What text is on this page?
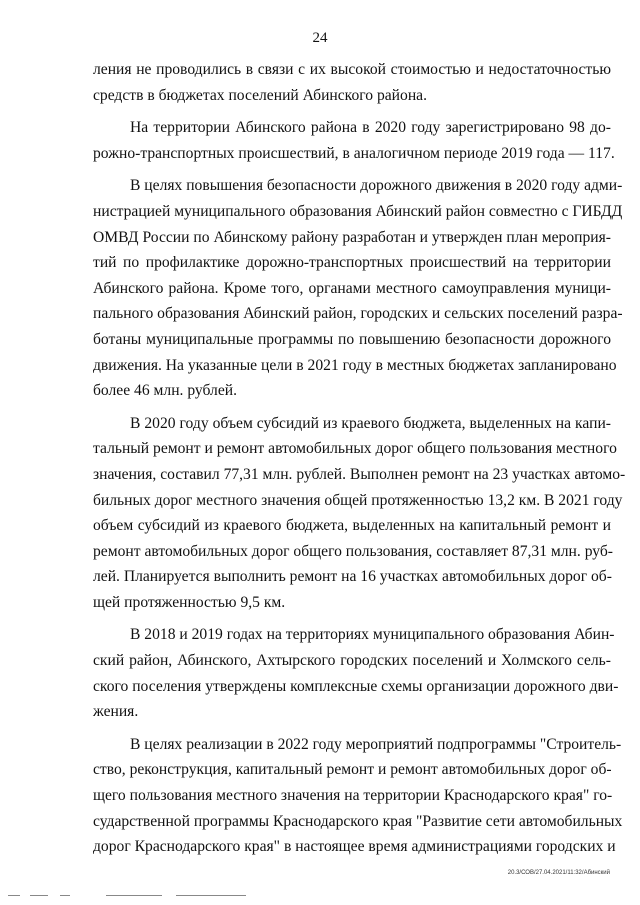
24
ления не проводились в связи с их высокой стоимостью и недостаточностью
средств в бюджетах поселений Абинского района.
На территории Абинского района в 2020 году зарегистрировано 98 до-
рожно-транспортных происшествий, в аналогичном периоде 2019 года — 117.
В целях повышения безопасности дорожного движения в 2020 году адми-
нистрацией муниципального образования Абинский район совместно с ГИБДД
ОМВД России по Абинскому району разработан и утвержден план мероприя-
тий по профилактике дорожно-транспортных происшествий на территории
Абинского района. Кроме того, органами местного самоуправления муници-
пального образования Абинский район, городских и сельских поселений разра-
ботаны муниципальные программы по повышению безопасности дорожного
движения. На указанные цели в 2021 году в местных бюджетах запланировано
более 46 млн. рублей.
В 2020 году объем субсидий из краевого бюджета, выделенных на капи-
тальный ремонт и ремонт автомобильных дорог общего пользования местного
значения, составил 77,31 млн. рублей. Выполнен ремонт на 23 участках автомо-
бильных дорог местного значения общей протяженностью 13,2 км. В 2021 году
объем субсидий из краевого бюджета, выделенных на капитальный ремонт и
ремонт автомобильных дорог общего пользования, составляет 87,31 млн. руб-
лей. Планируется выполнить ремонт на 16 участках автомобильных дорог об-
щей протяженностью 9,5 км.
В 2018 и 2019 годах на территориях муниципального образования Абин-
ский район, Абинского, Ахтырского городских поселений и Холмского сель-
ского поселения утверждены комплексные схемы организации дорожного дви-
жения.
В целях реализации в 2022 году мероприятий подпрограммы "Строитель-
ство, реконструкция, капитальный ремонт и ремонт автомобильных дорог об-
щего пользования местного значения на территории Краснодарского края" го-
сударственной программы Краснодарского края "Развитие сети автомобильных
дорог Краснодарского края" в настоящее время администрациями городских и
20.3/СОВ/27.04.2021/11:32/Абинский
